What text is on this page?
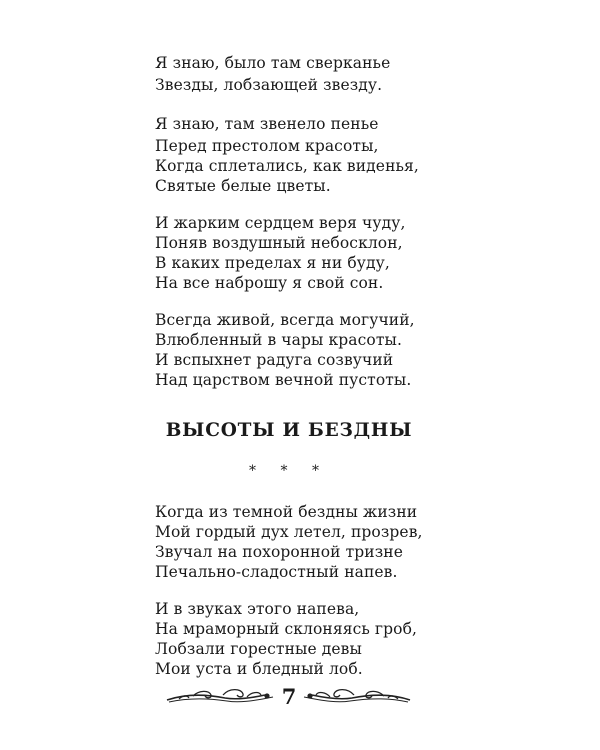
Я знаю, было там сверканье
Звезды, лобзающей звезду.
Я знаю, там звенело пенье
Перед престолом красоты,
Когда сплетались, как виденья,
Святые белые цветы.
И жарким сердцем веря чуду,
Поняв воздушный небосклон,
В каких пределах я ни буду,
На все наброшу я свой сон.
Всегда живой, всегда могучий,
Влюбленный в чары красоты.
И вспыхнет радуга созвучий
Над царством вечной пустоты.
ВЫСОТЫ И БЕЗДНЫ
* * *
Когда из темной бездны жизни
Мой гордый дух летел, прозрев,
Звучал на похоронной тризне
Печально-сладостный напев.
И в звуках этого напева,
На мраморный склоняясь гроб,
Лобзали горестные девы
Мои уста и бледный лоб.
7
